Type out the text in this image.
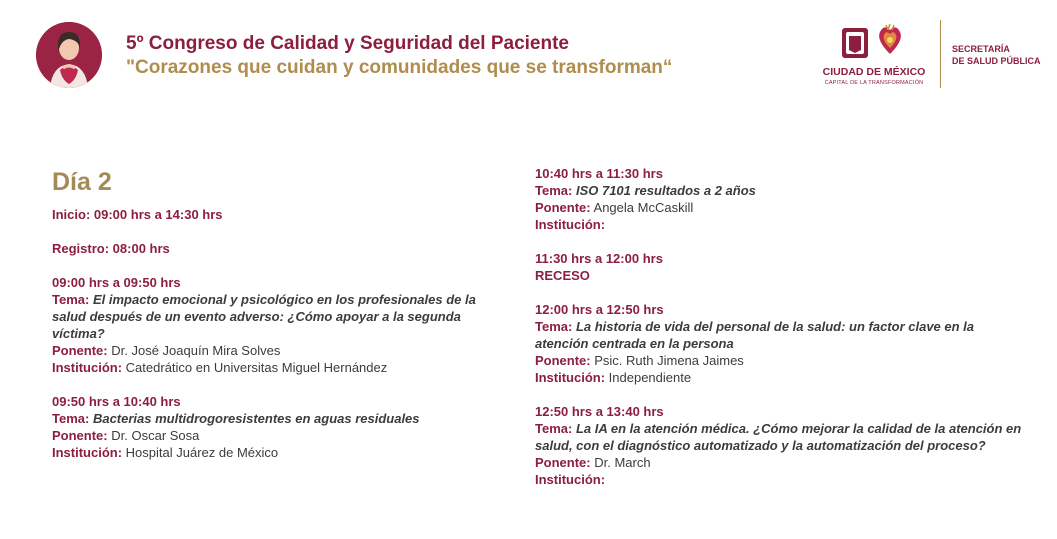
5º Congreso de Calidad y Seguridad del Paciente
"Corazones que cuidan y comunidades que se transforman“	CIUDAD DE MÉXICO
CAPITAL DE LA TRANSFORMACIÓN
SECRETARÍA
DE SALUD PÚBLICA
Día 2
Inicio: 09:00 hrs a 14:30 hrs
Registro: 08:00 hrs
09:00 hrs a 09:50 hrs
Tema: El impacto emocional y psicológico en los profesionales de la salud después de un evento adverso: ¿Cómo apoyar a la segunda víctima?
Ponente: Dr. José Joaquín Mira Solves
Institución: Catedrático en Universitas Miguel Hernández
09:50 hrs a 10:40 hrs
Tema: Bacterias multidrogoresistentes en aguas residuales
Ponente: Dr. Oscar Sosa
Institución: Hospital Juárez de México
10:40 hrs a 11:30 hrs
Tema: ISO 7101 resultados a 2 años
Ponente: Angela McCaskill
Institución:
11:30 hrs a 12:00 hrs
RECESO
12:00 hrs a 12:50 hrs
Tema: La historia de vida del personal de la salud: un factor clave en la atención centrada en la persona
Ponente: Psic. Ruth Jimena Jaimes
Institución: Independiente
12:50 hrs a 13:40 hrs
Tema: La IA en la atención médica. ¿Cómo mejorar la calidad de la atención en salud, con el diagnóstico automatizado y la automatización del proceso?
Ponente: Dr. March
Institución:
